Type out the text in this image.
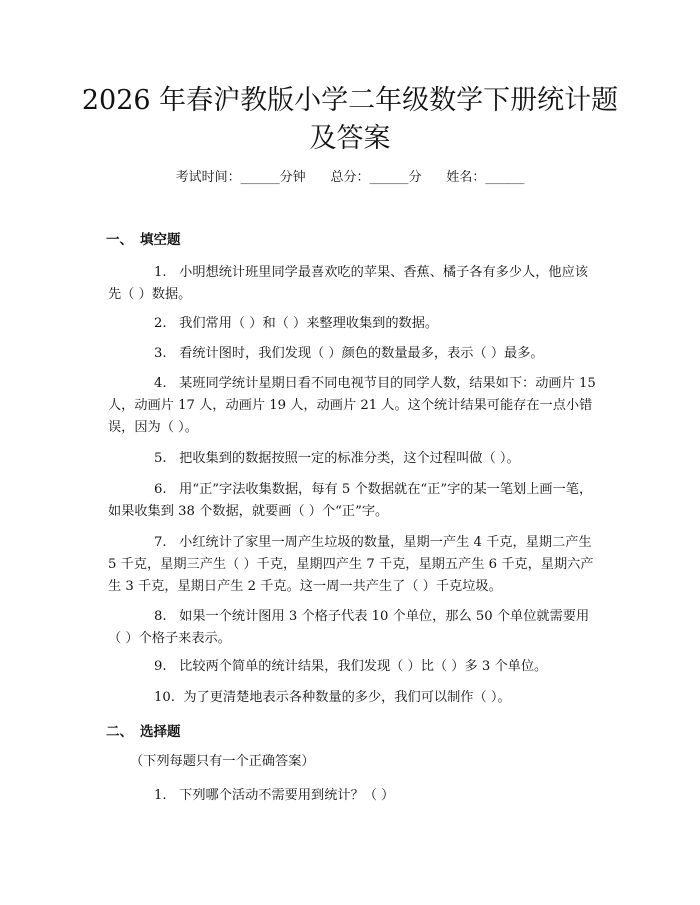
2026 年春沪教版小学二年级数学下册统计题
及答案
考试时间：______分钟 总分：______分 姓名：______
一、 填空题
1. 小明想统计班里同学最喜欢吃的苹果、香蕉、橘子各有多少人，他应该先（ ）数据。
2. 我们常用（ ）和（ ）来整理收集到的数据。
3. 看统计图时，我们发现（ ）颜色的数量最多，表示（ ）最多。
4. 某班同学统计星期日看不同电视节目的同学人数，结果如下：动画片 15 人，动画片 17 人，动画片 19 人，动画片 21 人。这个统计结果可能存在一点小错误，因为（ ）。
5. 把收集到的数据按照一定的标准分类，这个过程叫做（ ）。
6. 用“正”字法收集数据，每有 5 个数据就在“正”字的某一笔划上画一笔，如果收集到 38 个数据，就要画（ ）个“正”字。
7. 小红统计了家里一周产生垃圾的数量，星期一产生 4 千克，星期二产生 5 千克，星期三产生（ ）千克，星期四产生 7 千克，星期五产生 6 千克，星期六产生 3 千克，星期日产生 2 千克。这一周一共产生了（ ）千克垃圾。
8. 如果一个统计图用 3 个格子代表 10 个单位，那么 50 个单位就需要用（ ）个格子来表示。
9. 比较两个简单的统计结果，我们发现（ ）比（ ）多 3 个单位。
10. 为了更清楚地表示各种数量的多少，我们可以制作（ ）。
二、 选择题
（下列每题只有一个正确答案）
1. 下列哪个活动不需要用到统计？（ ）
